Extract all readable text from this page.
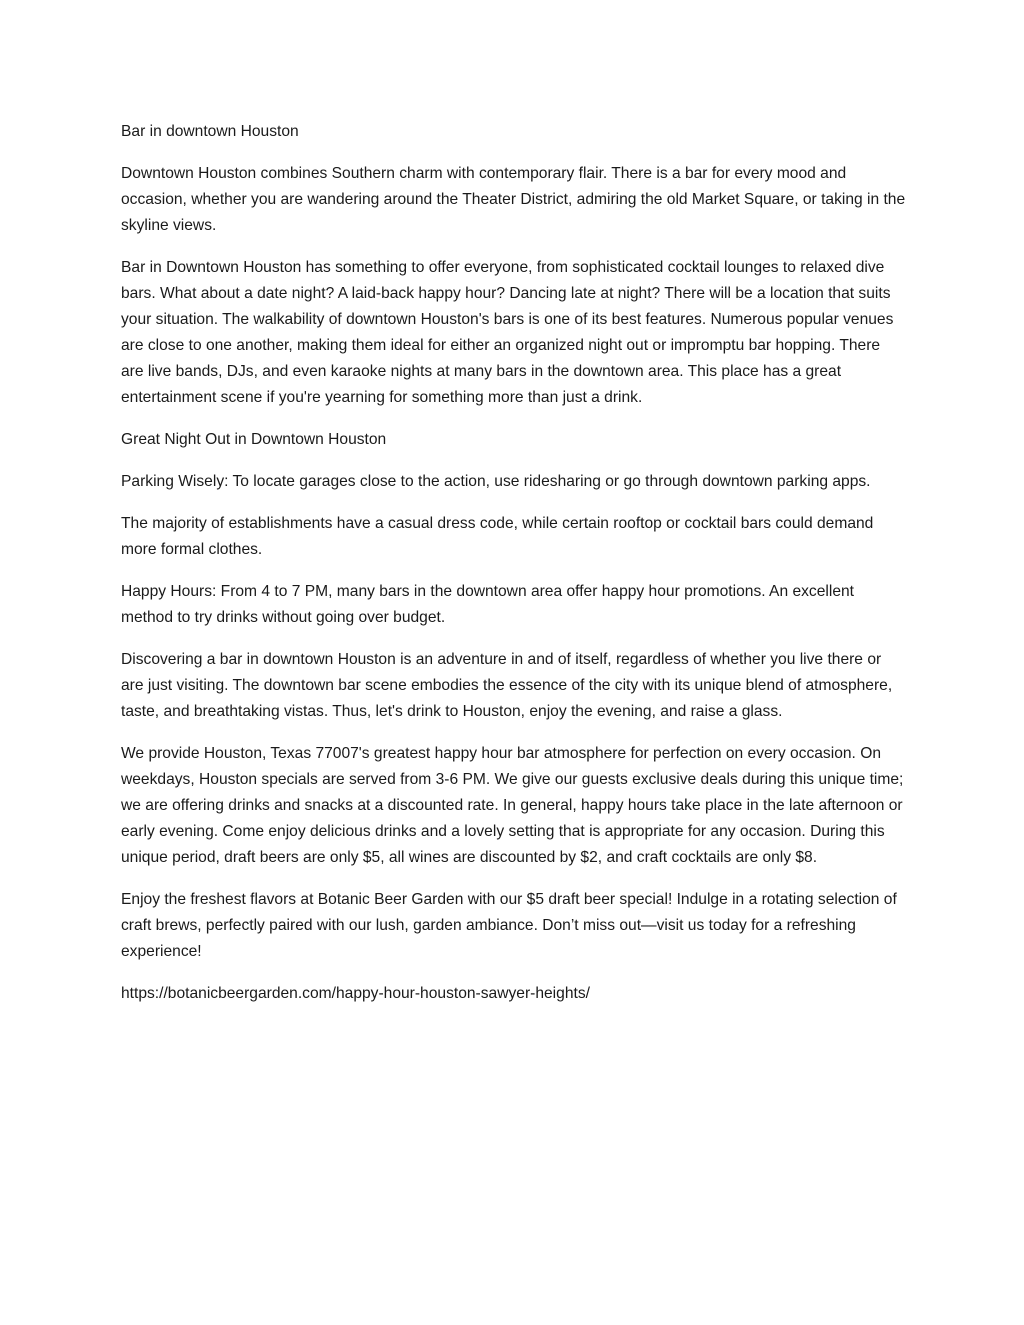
Bar in downtown Houston

Downtown Houston combines Southern charm with contemporary flair. There is a bar for every mood and occasion, whether you are wandering around the Theater District, admiring the old Market Square, or taking in the skyline views.

Bar in Downtown Houston has something to offer everyone, from sophisticated cocktail lounges to relaxed dive bars. What about a date night? A laid-back happy hour? Dancing late at night? There will be a location that suits your situation. The walkability of downtown Houston's bars is one of its best features. Numerous popular venues are close to one another, making them ideal for either an organized night out or impromptu bar hopping. There are live bands, DJs, and even karaoke nights at many bars in the downtown area. This place has a great entertainment scene if you're yearning for something more than just a drink.

Great Night Out in Downtown Houston

Parking Wisely: To locate garages close to the action, use ridesharing or go through downtown parking apps.

The majority of establishments have a casual dress code, while certain rooftop or cocktail bars could demand more formal clothes.

Happy Hours: From 4 to 7 PM, many bars in the downtown area offer happy hour promotions. An excellent method to try drinks without going over budget.

Discovering a bar in downtown Houston is an adventure in and of itself, regardless of whether you live there or are just visiting. The downtown bar scene embodies the essence of the city with its unique blend of atmosphere, taste, and breathtaking vistas. Thus, let's drink to Houston, enjoy the evening, and raise a glass.

We provide Houston, Texas 77007's greatest happy hour bar atmosphere for perfection on every occasion. On weekdays, Houston specials are served from 3-6 PM. We give our guests exclusive deals during this unique time; we are offering drinks and snacks at a discounted rate. In general, happy hours take place in the late afternoon or early evening. Come enjoy delicious drinks and a lovely setting that is appropriate for any occasion. During this unique period, draft beers are only $5, all wines are discounted by $2, and craft cocktails are only $8.

Enjoy the freshest flavors at Botanic Beer Garden with our $5 draft beer special! Indulge in a rotating selection of craft brews, perfectly paired with our lush, garden ambiance. Don’t miss out—visit us today for a refreshing experience!

https://botanicbeergarden.com/happy-hour-houston-sawyer-heights/
